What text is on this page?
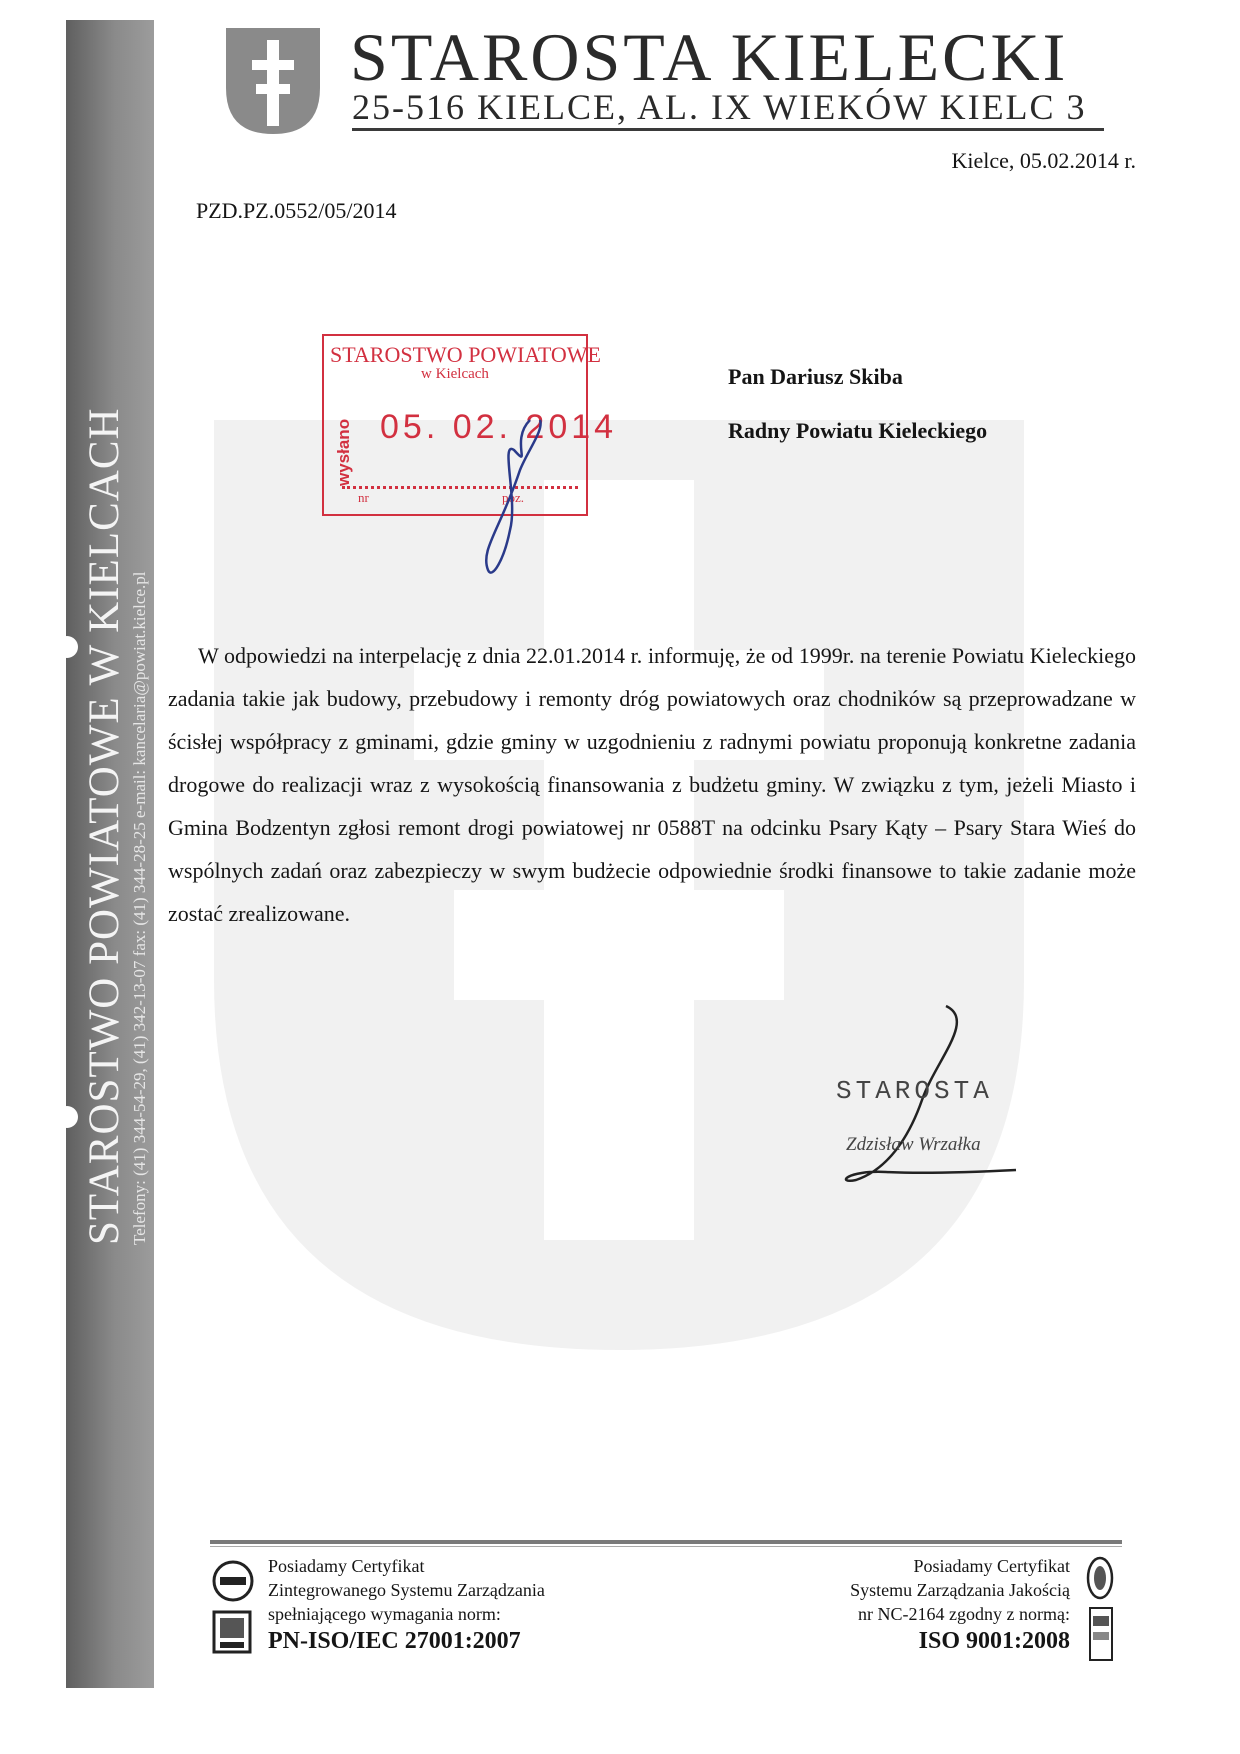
STAROSTWO POWIATOWE W KIELCACH Telefony: (41) 344-54-29, (41) 342-13-07 fax: (41) 344-28-25 e-mail: kancelaria@powiat.kielce.pl
STAROSTA KIELECKI
25-516 KIELCE, AL. IX WIEKÓW KIELC 3
Kielce, 05.02.2014 r.
PZD.PZ.0552/05/2014
STAROSTWO POWIATOWE
w Kielcach
wysłano 05. 02. 2014
nr	poz.
Pan Dariusz Skiba
Radny Powiatu Kieleckiego

W odpowiedzi na interpelację z dnia 22.01.2014 r. informuję, że od 1999r. na terenie Powiatu Kieleckiego zadania takie jak budowy, przebudowy i remonty dróg powiatowych oraz chodników są przeprowadzane w ścisłej współpracy z gminami, gdzie gminy w uzgodnieniu z radnymi powiatu proponują konkretne zadania drogowe do realizacji wraz z wysokością finansowania z budżetu gminy. W związku z tym, jeżeli Miasto i Gmina Bodzentyn zgłosi remont drogi powiatowej nr 0588T na odcinku Psary Kąty – Psary Stara Wieś do wspólnych zadań oraz zabezpieczy w swym budżecie odpowiednie środki finansowe to takie zadanie może zostać zrealizowane.

STAROSTA
Zdzisław Wrzałka
Posiadamy Certyfikat
Zintegrowanego Systemu Zarządzania
spełniającego wymagania norm:
PN-ISO/IEC 27001:2007
Posiadamy Certyfikat
Systemu Zarządzania Jakością
nr NC-2164 zgodny z normą:
ISO 9001:2008
